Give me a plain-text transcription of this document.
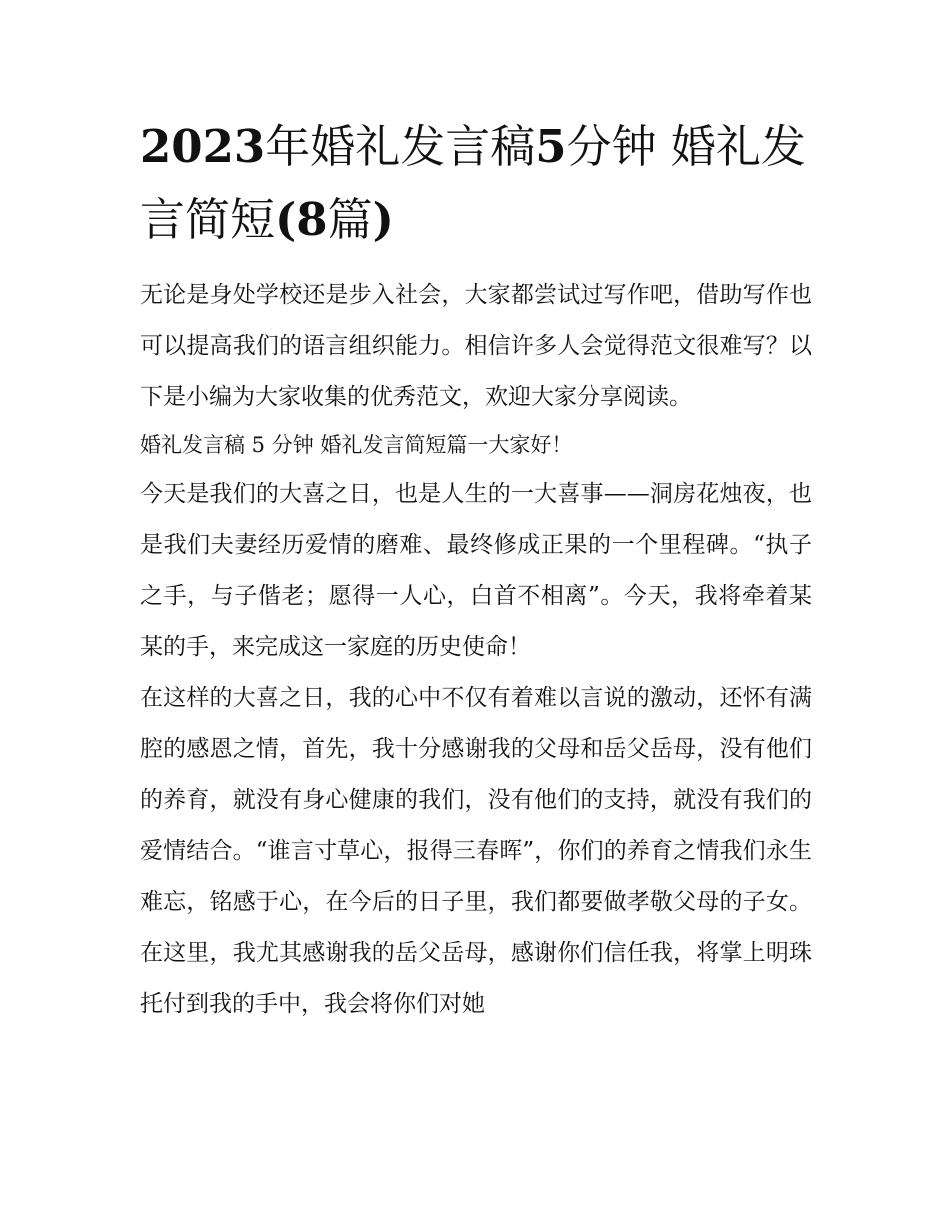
2023年婚礼发言稿5分钟 婚礼发言简短(8篇)

无论是身处学校还是步入社会，大家都尝试过写作吧，借助写作也可以提高我们的语言组织能力。相信许多人会觉得范文很难写？以下是小编为大家收集的优秀范文，欢迎大家分享阅读。

婚礼发言稿 5 分钟 婚礼发言简短篇一大家好！

今天是我们的大喜之日，也是人生的一大喜事——洞房花烛夜，也是我们夫妻经历爱情的磨难、最终修成正果的一个里程碑。“执子之手，与子偕老；愿得一人心，白首不相离”。今天，我将牵着某某的手，来完成这一家庭的历史使命！

在这样的大喜之日，我的心中不仅有着难以言说的激动，还怀有满腔的感恩之情，首先，我十分感谢我的父母和岳父岳母，没有他们的养育，就没有身心健康的我们，没有他们的支持，就没有我们的爱情结合。“谁言寸草心，报得三春晖”，你们的养育之情我们永生难忘，铭感于心，在今后的日子里，我们都要做孝敬父母的子女。在这里，我尤其感谢我的岳父岳母，感谢你们信任我，将掌上明珠托付到我的手中，我会将你们对她
